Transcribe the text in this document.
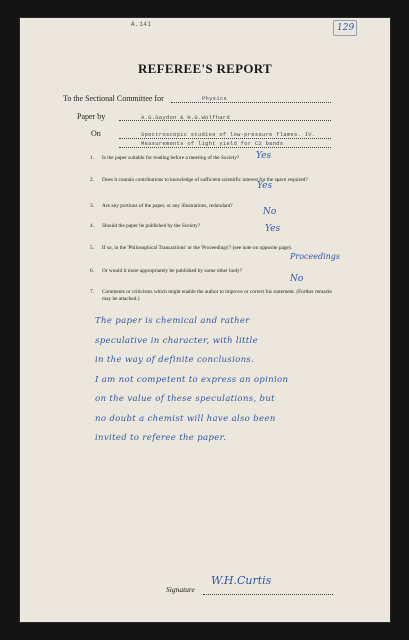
A.141	129
REFEREE'S REPORT
To the Sectional Committee for	Physics
Paper by	A.G.Gaydon & H.G.Wolfhard
On	Spectroscopic studies of low-pressure flames. IV.
Measurements of light yield for C2 bands
1. Is the paper suitable for reading before a meeting of the Society?	Yes
2. Does it contain contributions to knowledge of sufficient scientific interest for the space required?
Yes
3. Are any portions of the paper, or any illustrations, redundant?
No
4. Should the paper be published by the Society?	Yes
5. If so, in the 'Philosophical Transactions' or the 'Proceedings'? (see note on opposite page).
Proceedings
6. Or would it more appropriately be published by some other body?
No
7. Comments or criticisms which might enable the author to improve or correct his statement. (Further remarks may be attached.)
The paper is chemical and rather
speculative in character, with little
in the way of definite conclusions.
I am not competent to express an opinion
on the value of these speculations, but
no doubt a chemist will have also been
invited to referee the paper.
Signature
W.H.Curtis
